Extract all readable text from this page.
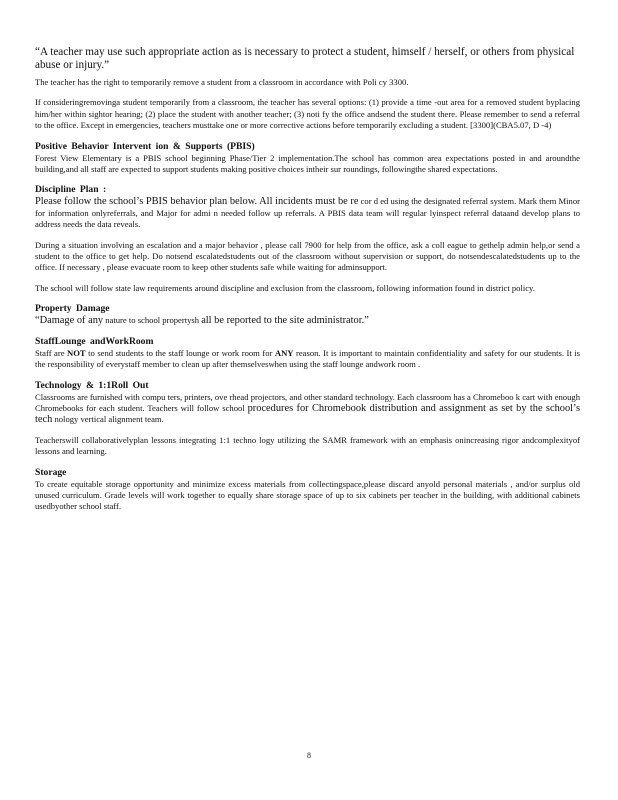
“A teacher may use such appropriate action as is necessary to protect a student, himself / herself, or others from physical abuse or injury.”

The teacher has the right to temporarily remove a student from a classroom in accordance with Poli cy 3300.

If consideringremovinga student temporarily from a classroom, the teacher has several options: (1) provide a time -out area for a removed student byplacing him/her within sightor hearing; (2) place the student with another teacher; (3) noti fy the office andsend the student there. Please remember to send a referral to the office. Except in emergencies, teachers musttake one or more corrective actions before temporarily excluding a student. [3300](CBA5.07, D -4)

Positive Behavior Intervent ion & Supports (PBIS)

Forest View Elementary is a PBIS school beginning Phase/Tier 2 implementation.The school has common area expectations posted in and aroundthe building,and all staff are expected to support students making positive choices intheir sur roundings, followingthe shared expectations.

Discipline Plan :

Please follow the school’s PBIS behavior plan below. All incidents must be re cor d ed using the designated referral system. Mark them Minor for information onlyreferrals, and Major for admi n needed follow up referrals. A PBIS data team will regular lyinspect referral dataand develop plans to address needs the data reveals.

During a situation involving an escalation and a major behavior , please call 7900 for help from the office, ask a coll eague to gethelp admin help,or send a student to the office to get help. Do notsend escalatedstudents out of the classroom without supervision or support, do notsendescalatedstudents up to the office. If necessary , please evacuate room to keep other students safe while waiting for adminsupport.

The school will follow state law requirements around discipline and exclusion from the classroom, following information found in district policy.

Property Damage

“Damage of any nature to school propertysh all be reported to the site administrator.”

StaffLounge andWorkRoom

Staff are NOT to send students to the staff lounge or work room for ANY reason. It is important to maintain confidentiality and safety for our students. It is the responsibility of everystaff member to clean up after themselveswhen using the staff lounge andwork room .

Technology & 1:1Roll Out

Classrooms are furnished with compu ters, printers, ove rhead projectors, and other standard technology. Each classroom has a Chromeboo k cart with enough Chromebooks for each student. Teachers will follow school procedures for Chromebook distribution and assignment as set by the school’s tech nology vertical alignment team.

Teacherswill collaborativelyplan lessons integrating 1:1 techno logy utilizing the SAMR framework with an emphasis onincreasing rigor andcomplexityof lessons and learning.

Storage

To create equitable storage opportunity and minimize excess materials from collectingspace,please discard anyold personal materials , and/or surplus old unused curriculum. Grade levels will work together to equally share storage space of up to six cabinets per teacher in the building, with additional cabinets usedbyother school staff.

8
